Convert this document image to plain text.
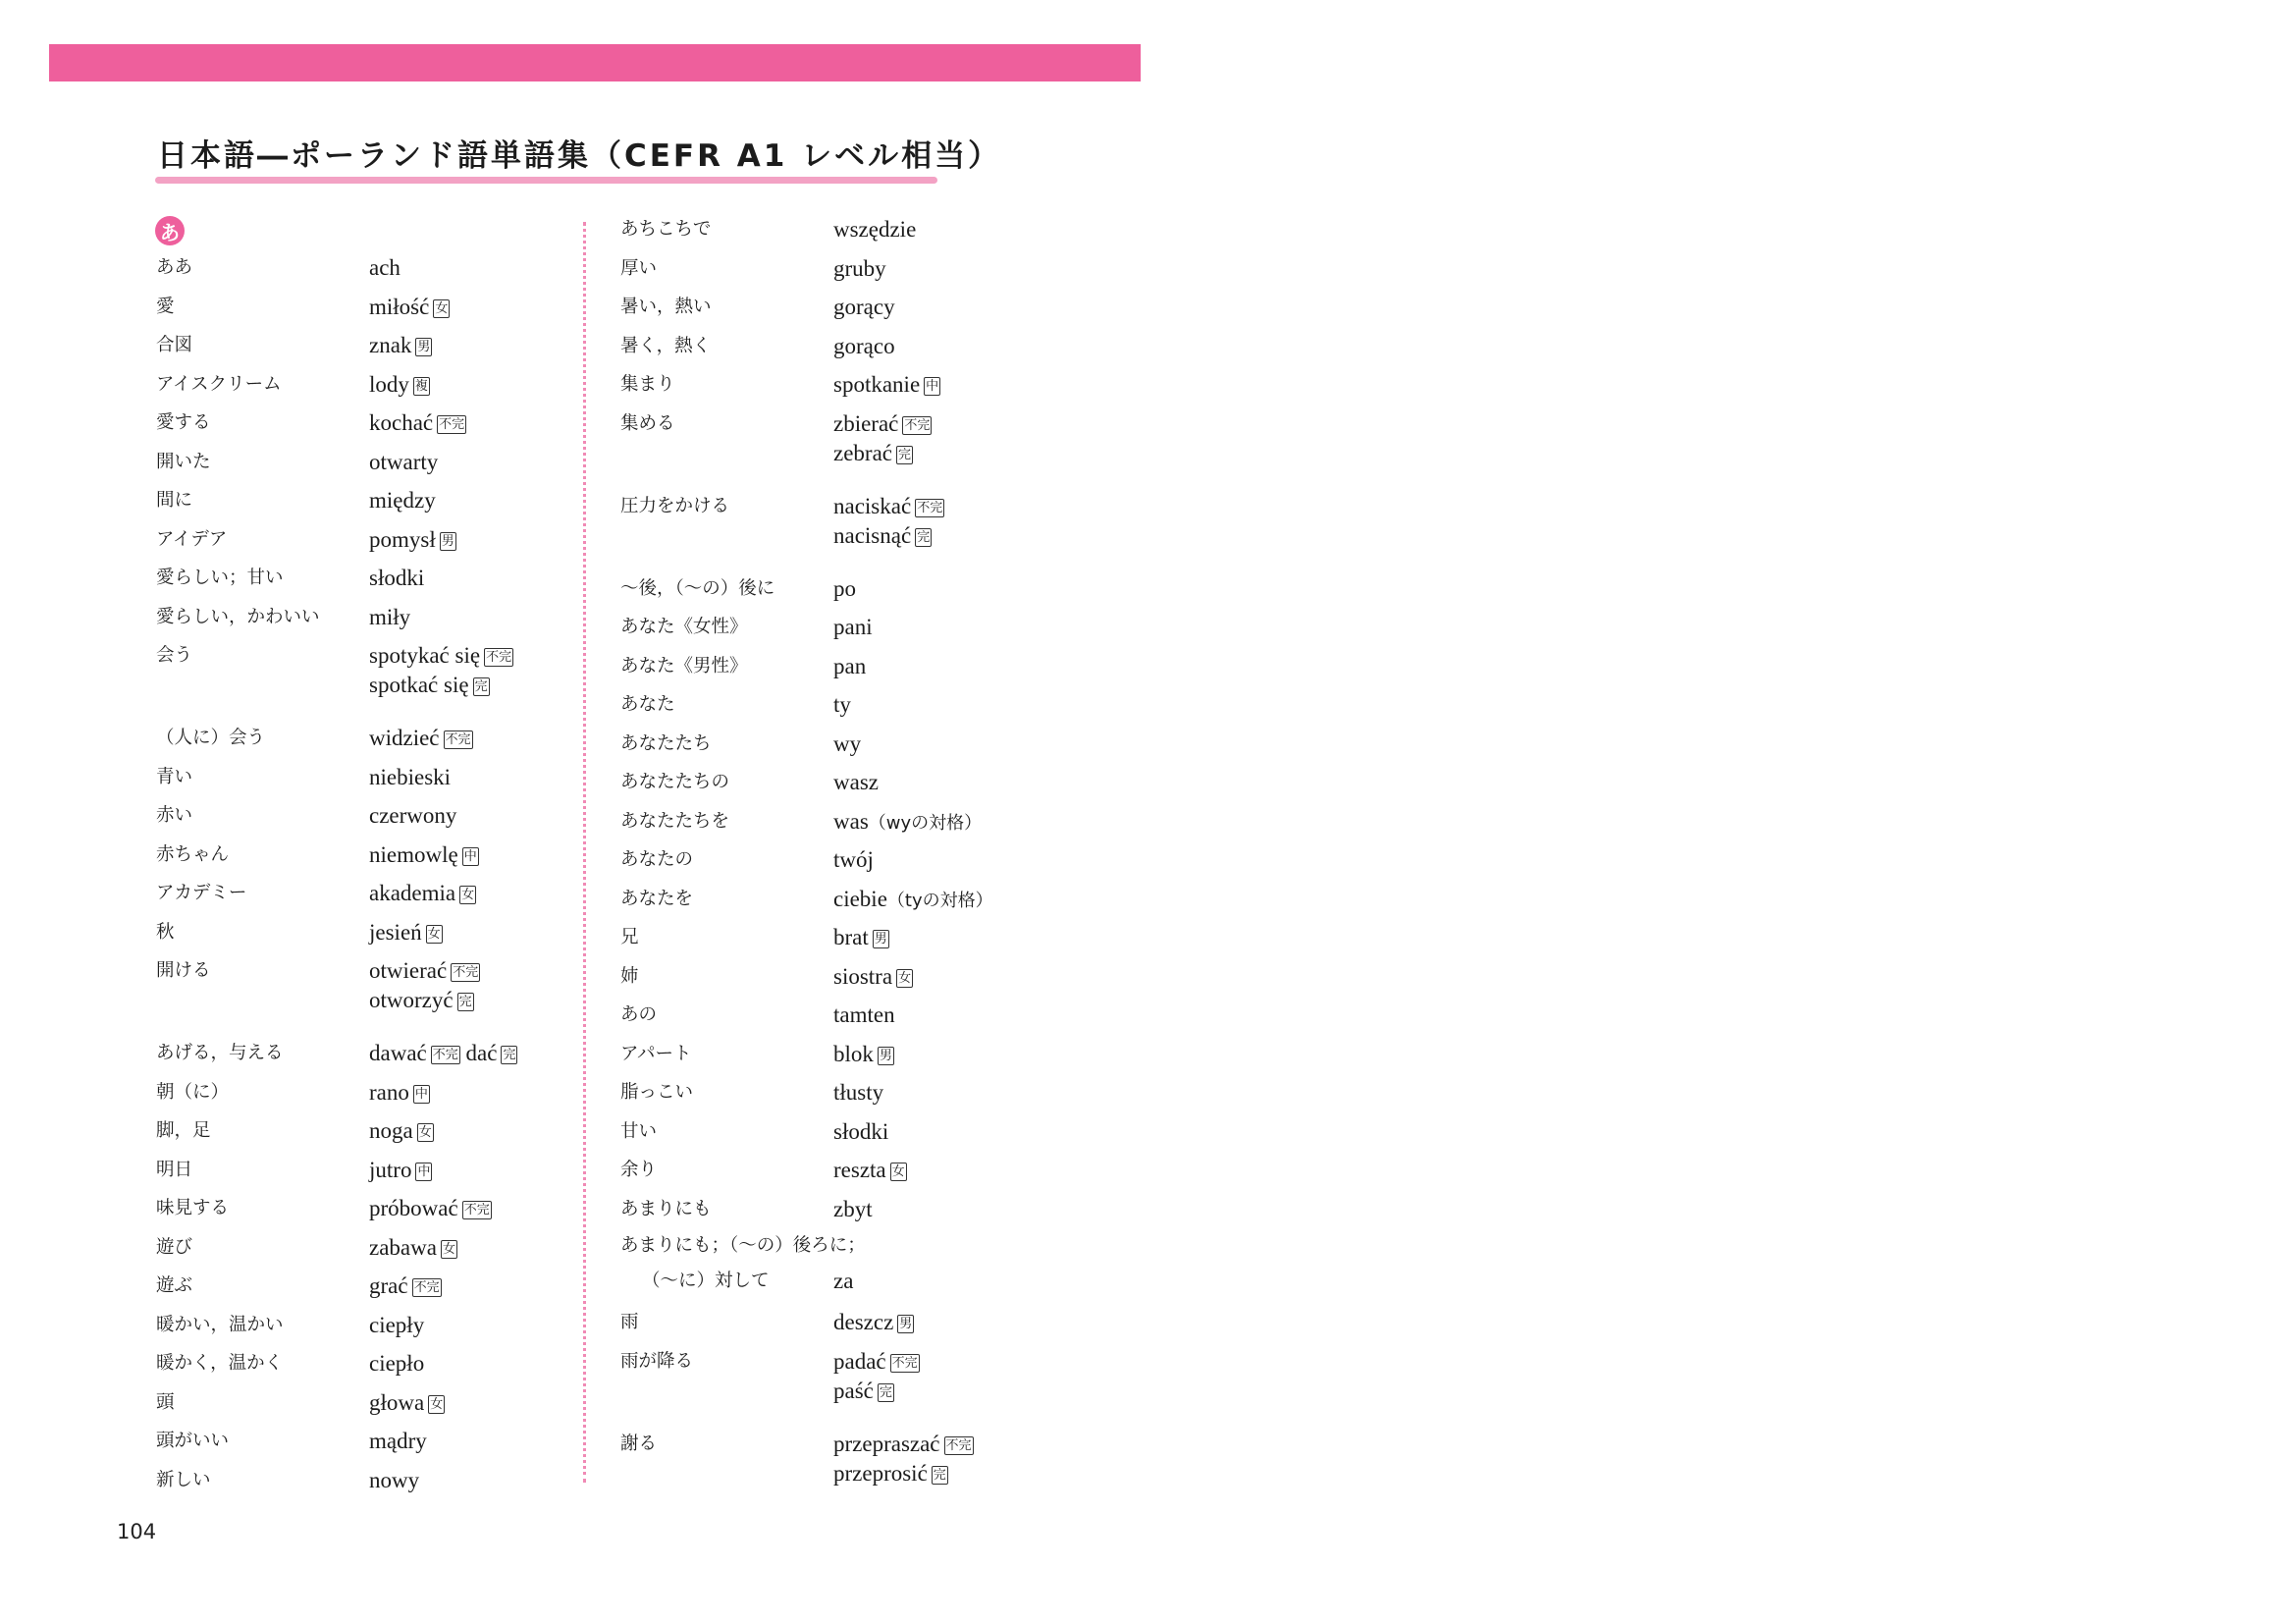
日本語―ポーランド語単語集（CEFR A1 レベル相当）
あ
ああ	ach
愛	miłość 女
合図	znak 男
アイスクリーム	lody 複
愛する	kochać 不完
開いた	otwarty
間に	między
アイデア	pomysł 男
愛らしい；甘い	słodki
愛らしい，かわいい	miły
会う	spotykać się 不完
spotkać się 完
（人に）会う	widzieć 不完
青い	niebieski
赤い	czerwony
赤ちゃん	niemowlę 中
アカデミー	akademia 女
秋	jesień 女
開ける	otwierać 不完
otworzyć 完
あげる，与える	dawać 不完 dać 完
朝（に）	rano 中
脚，足	noga 女
明日	jutro 中
味見する	próbować 不完
遊び	zabawa 女
遊ぶ	grać 不完
暖かい，温かい	ciepły
暖かく，温かく	ciepło
頭	głowa 女
頭がいい	mądry
新しい	nowy
あちこちで	wszędzie
厚い	gruby
暑い，熱い	gorący
暑く，熱く	gorąco
集まり	spotkanie 中
集める	zbierać 不完
zebrać 完
圧力をかける	naciskać 不完
nacisnąć 完
～後，（～の）後に	po
あなた《女性》	pani
あなた《男性》	pan
あなた	ty
あなたたち	wy
あなたたちの	wasz
あなたたちを	was（wyの対格）
あなたの	twój
あなたを	ciebie（tyの対格）
兄	brat 男
姉	siostra 女
あの	tamten
アパート	blok 男
脂っこい	tłusty
甘い	słodki
余り	reszta 女
あまりにも	zbyt
あまりにも；（～の）後ろに；
（～に）対して	za
雨	deszcz 男
雨が降る	padać 不完
paść 完
謝る	przepraszać 不完
przeprosić 完
104
